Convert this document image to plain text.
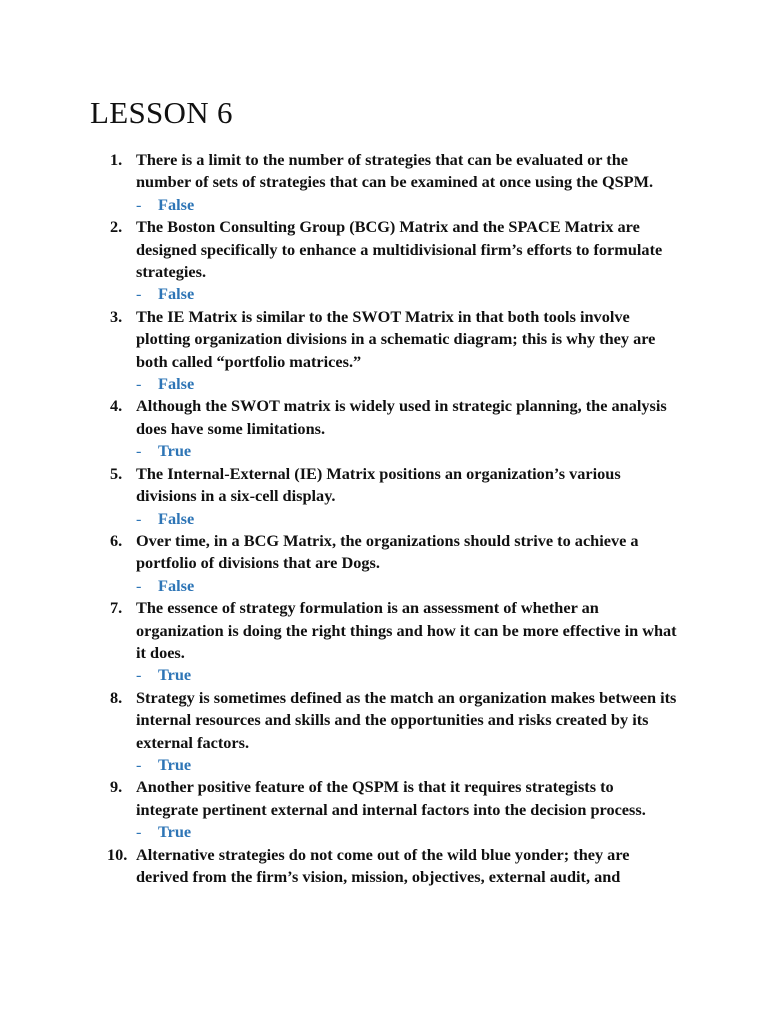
LESSON 6
1. There is a limit to the number of strategies that can be evaluated or the number of sets of strategies that can be examined at once using the QSPM.
-	False
2. The Boston Consulting Group (BCG) Matrix and the SPACE Matrix are designed specifically to enhance a multidivisional firm’s efforts to formulate strategies.
-	False
3. The IE Matrix is similar to the SWOT Matrix in that both tools involve plotting organization divisions in a schematic diagram; this is why they are both called “portfolio matrices.”
-	False
4. Although the SWOT matrix is widely used in strategic planning, the analysis does have some limitations.
-	True
5. The Internal-External (IE) Matrix positions an organization’s various divisions in a six-cell display.
-	False
6. Over time, in a BCG Matrix, the organizations should strive to achieve a portfolio of divisions that are Dogs.
-	False
7. The essence of strategy formulation is an assessment of whether an organization is doing the right things and how it can be more effective in what it does.
-	True
8. Strategy is sometimes defined as the match an organization makes between its internal resources and skills and the opportunities and risks created by its external factors.
-	True
9. Another positive feature of the QSPM is that it requires strategists to integrate pertinent external and internal factors into the decision process.
-	True
10. Alternative strategies do not come out of the wild blue yonder; they are derived from the firm’s vision, mission, objectives, external audit, and
